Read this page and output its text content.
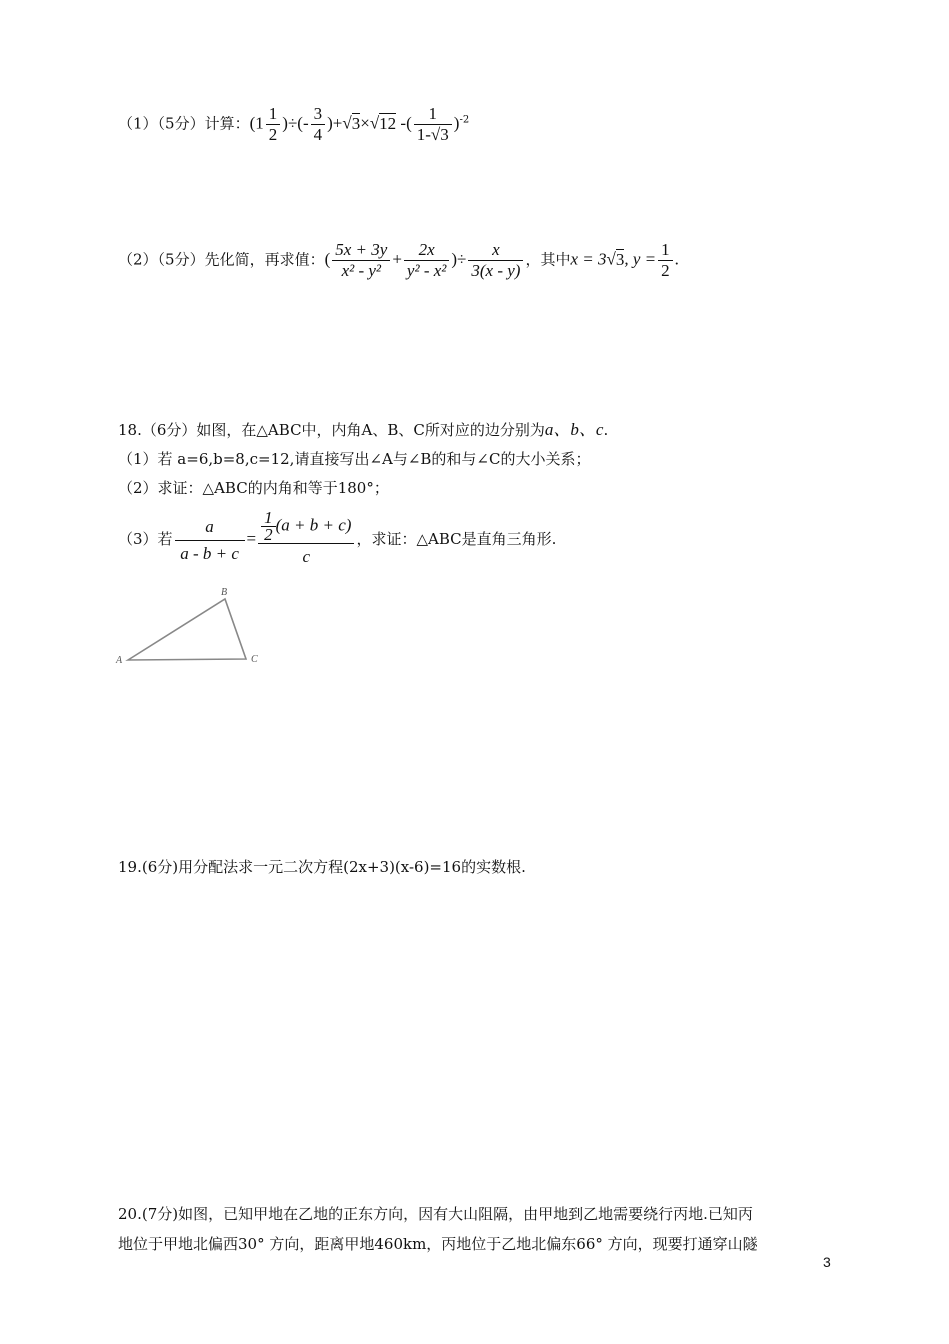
（1）（5分）计算：($1 \frac{1}{2}$ )÷(- $\frac{3}{4} )+√3\times√12$ -( $\frac{1}{1-√3} )^{-2}$
（2）（5分）先化简，再求值：( $\frac{5x + 3y}{\text{x² - y²}} + \frac{2x}{\text{y² - x²}}$ )÷ $\frac{x}{3(x - y)}$ ，其中x = 3√3, $y = \frac{1}{2}$ .
18.（6分）如图，在△ABC中，内角A、B、C所对应的边分别为a、b、c.
（1）若 a=6,b=8,c=12,请直接写出∠A与∠B的和与∠C的大小关系；
（2）求证：△ABC的内角和等于180°；
（3）若 $\frac{a}{a - b + c} = \frac{\frac{1}{2} (a + b + c)}{c}$ ，求证：△ABC是直角三角形.
A
B
C
19.(6分)用分配法求一元二次方程(2x+3)(x-6)=16的实数根.
20.(7分)如图，已知甲地在乙地的正东方向，因有大山阻隔，由甲地到乙地需要绕行丙地.已知丙
地位于甲地北偏西30° 方向，距离甲地460km，丙地位于乙地北偏东66° 方向，现要打通穿山隧
3
